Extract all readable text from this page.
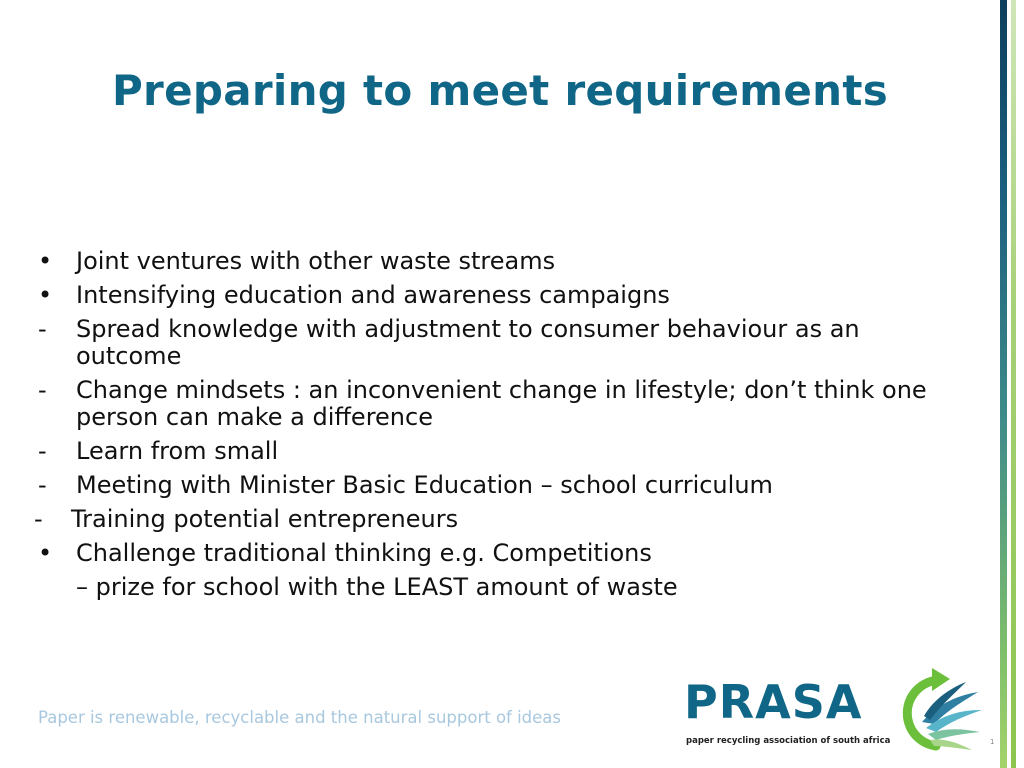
Preparing to meet requirements
• Joint ventures with other waste streams
• Intensifying education and awareness campaigns
- Spread knowledge with adjustment to consumer behaviour as an outcome
- Change mindsets : an inconvenient change in lifestyle; don’t think one person can make a difference
- Learn from small
- Meeting with Minister Basic Education – school curriculum
- Training potential entrepreneurs
• Challenge traditional thinking e.g. Competitions
– prize for school with the LEAST amount of waste
Paper is renewable, recyclable and the natural support of ideas	PRASA
paper recycling association of south africa	1
